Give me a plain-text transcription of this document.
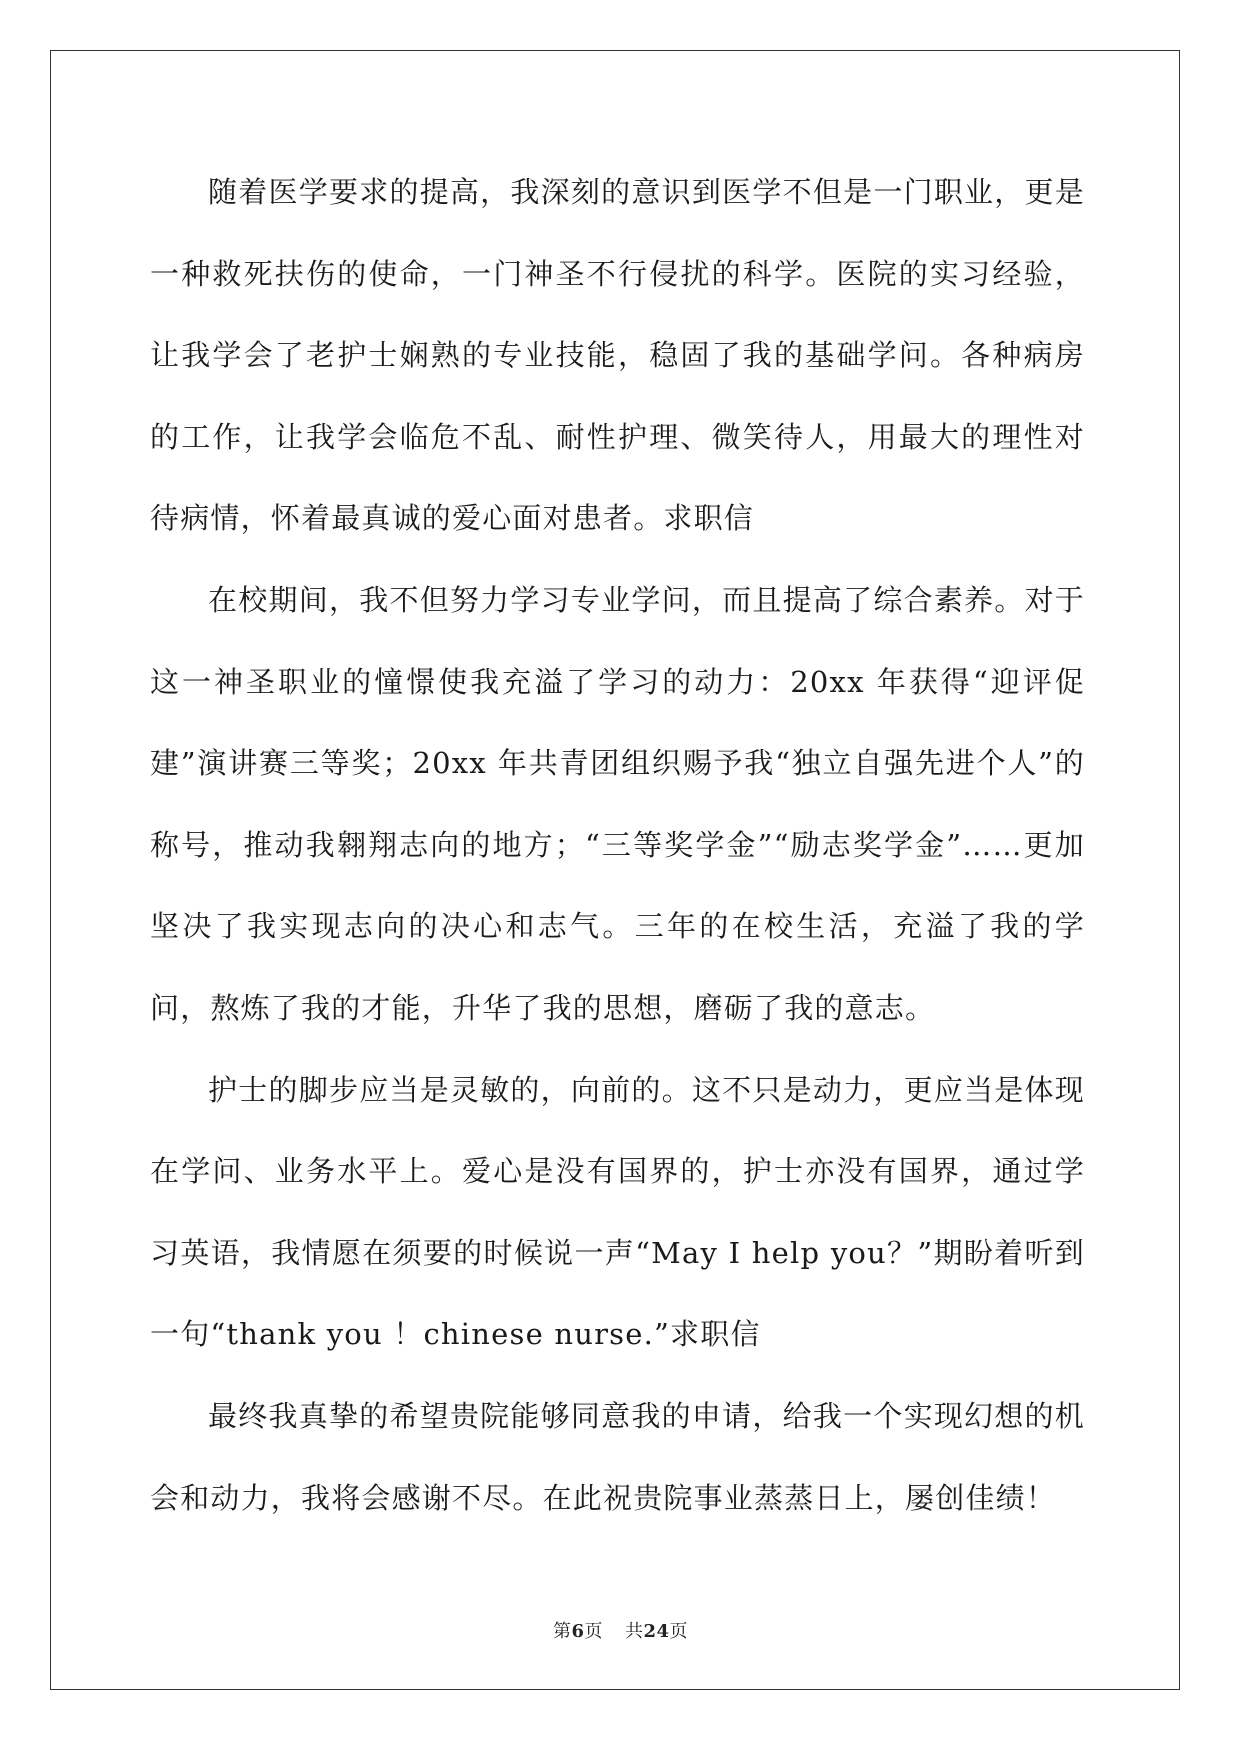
随着医学要求的提高，我深刻的意识到医学不但是一门职业，更是一种救死扶伤的使命，一门神圣不行侵扰的科学。医院的实习经验，让我学会了老护士娴熟的专业技能，稳固了我的基础学问。各种病房的工作，让我学会临危不乱、耐性护理、微笑待人，用最大的理性对待病情，怀着最真诚的爱心面对患者。求职信

在校期间，我不但努力学习专业学问，而且提高了综合素养。对于这一神圣职业的憧憬使我充溢了学习的动力：20xx 年获得“迎评促建”演讲赛三等奖；20xx 年共青团组织赐予我“独立自强先进个人”的称号，推动我翱翔志向的地方；“三等奖学金”“励志奖学金”……更加坚决了我实现志向的决心和志气。三年的在校生活，充溢了我的学问，熬炼了我的才能，升华了我的思想，磨砺了我的意志。

护士的脚步应当是灵敏的，向前的。这不只是动力，更应当是体现在学问、业务水平上。爱心是没有国界的，护士亦没有国界，通过学习英语，我情愿在须要的时候说一声“May I help you？”期盼着听到一句“thank you ！chinese nurse.”求职信

最终我真挚的希望贵院能够同意我的申请，给我一个实现幻想的机会和动力，我将会感谢不尽。在此祝贵院事业蒸蒸日上，屡创佳绩！

第6页 共24页
